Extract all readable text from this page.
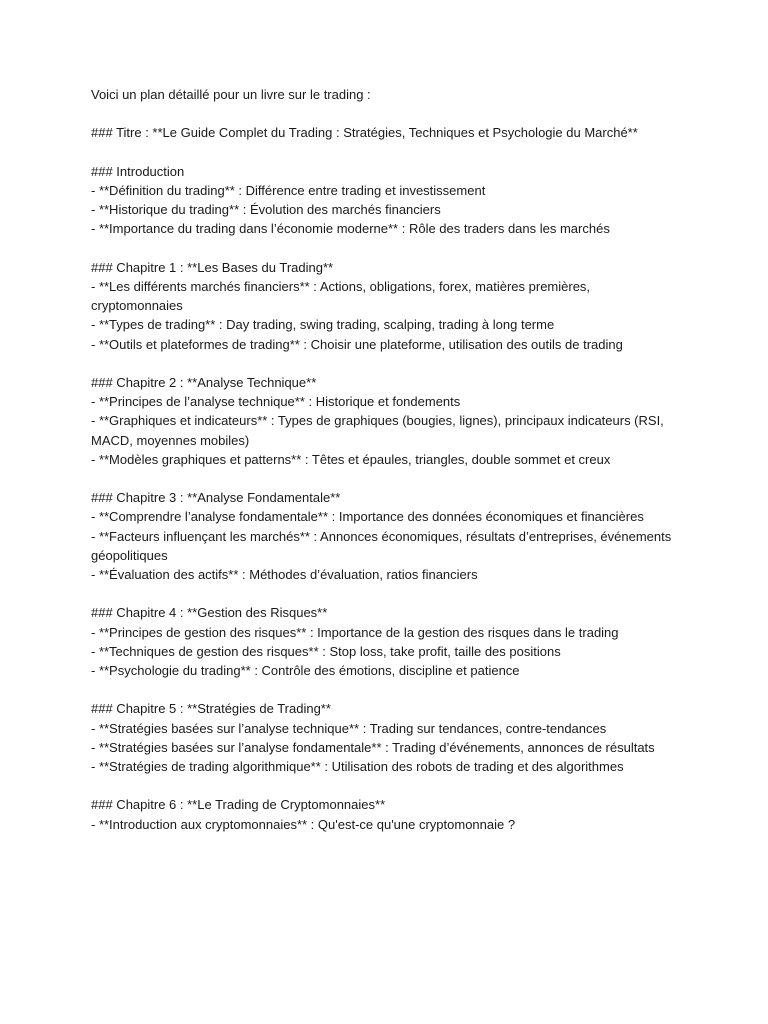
Voici un plan détaillé pour un livre sur le trading :

### Titre : **Le Guide Complet du Trading : Stratégies, Techniques et Psychologie du Marché**

### Introduction

- **Définition du trading** : Différence entre trading et investissement

- **Historique du trading** : Évolution des marchés financiers

- **Importance du trading dans l’économie moderne** : Rôle des traders dans les marchés

### Chapitre 1 : **Les Bases du Trading**

- **Les différents marchés financiers** : Actions, obligations, forex, matières premières, cryptomonnaies

- **Types de trading** : Day trading, swing trading, scalping, trading à long terme

- **Outils et plateformes de trading** : Choisir une plateforme, utilisation des outils de trading

### Chapitre 2 : **Analyse Technique**

- **Principes de l’analyse technique** : Historique et fondements

- **Graphiques et indicateurs** : Types de graphiques (bougies, lignes), principaux indicateurs (RSI, MACD, moyennes mobiles)

- **Modèles graphiques et patterns** : Têtes et épaules, triangles, double sommet et creux

### Chapitre 3 : **Analyse Fondamentale**

- **Comprendre l’analyse fondamentale** : Importance des données économiques et financières

- **Facteurs influençant les marchés** : Annonces économiques, résultats d’entreprises, événements géopolitiques

- **Évaluation des actifs** : Méthodes d’évaluation, ratios financiers

### Chapitre 4 : **Gestion des Risques**

- **Principes de gestion des risques** : Importance de la gestion des risques dans le trading

- **Techniques de gestion des risques** : Stop loss, take profit, taille des positions

- **Psychologie du trading** : Contrôle des émotions, discipline et patience

### Chapitre 5 : **Stratégies de Trading**

- **Stratégies basées sur l’analyse technique** : Trading sur tendances, contre-tendances

- **Stratégies basées sur l’analyse fondamentale** : Trading d’événements, annonces de résultats

- **Stratégies de trading algorithmique** : Utilisation des robots de trading et des algorithmes

### Chapitre 6 : **Le Trading de Cryptomonnaies**

- **Introduction aux cryptomonnaies** : Qu'est-ce qu'une cryptomonnaie ?
